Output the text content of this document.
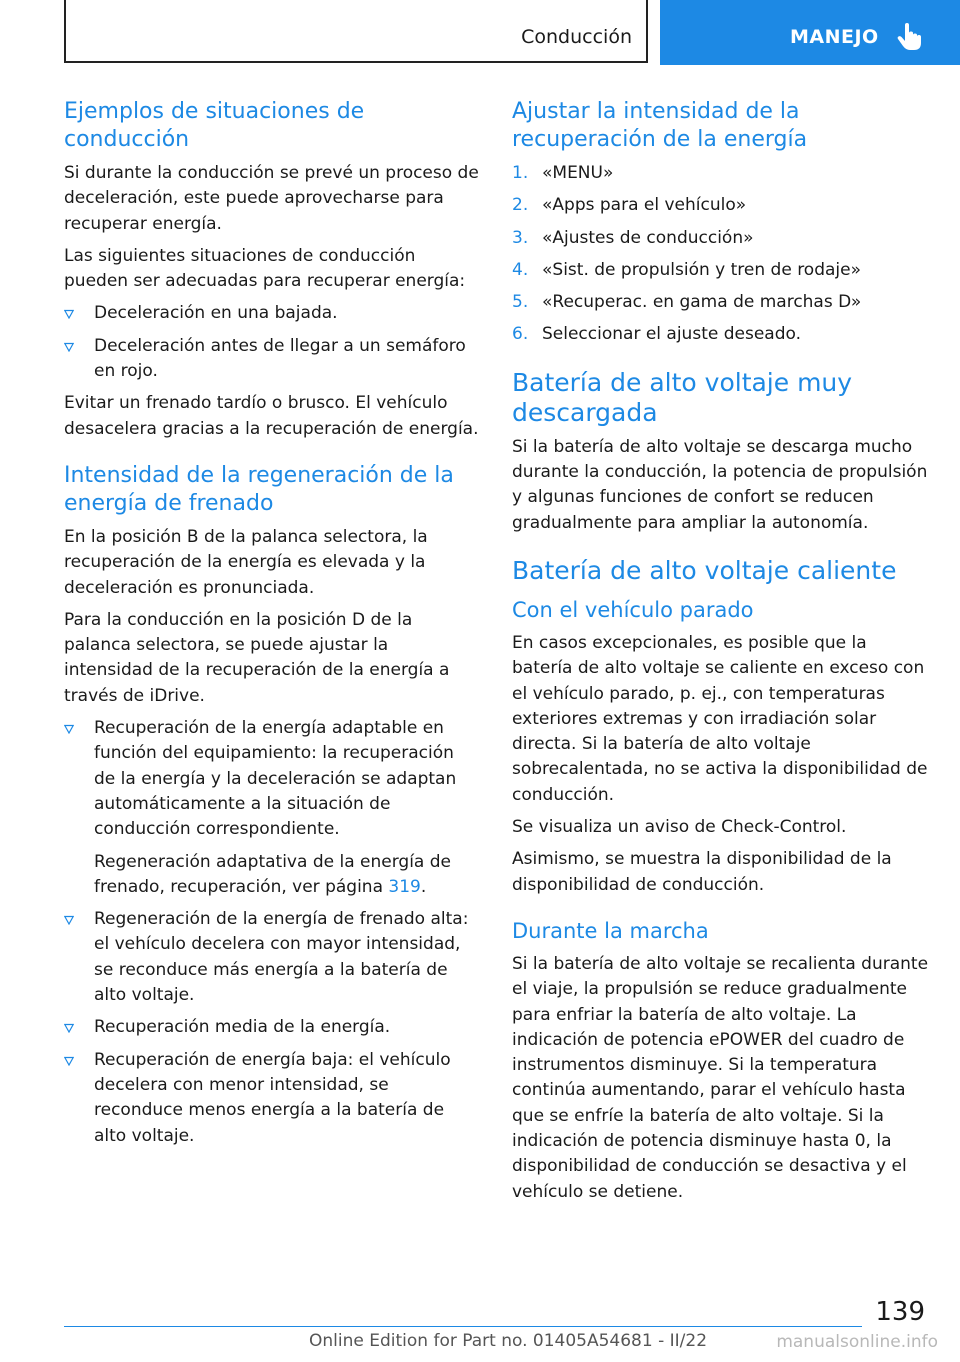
Conducción	MANEJO
Ejemplos de situaciones de conducción

Si durante la conducción se prevé un proceso de deceleración, este puede aprovecharse para recuperar energía.

Las siguientes situaciones de conducción pueden ser adecuadas para recuperar energía:

Deceleración en una bajada.
Deceleración antes de llegar a un semáforo en rojo.

Evitar un frenado tardío o brusco. El vehículo desacelera gracias a la recuperación de energía.

Intensidad de la regeneración de la energía de frenado

En la posición B de la palanca selectora, la recuperación de la energía es elevada y la deceleración es pronunciada.

Para la conducción en la posición D de la palanca selectora, se puede ajustar la intensidad de la recuperación de la energía a través de iDrive.

Recuperación de la energía adaptable en función del equipamiento: la recuperación de la energía y la deceleración se adaptan automáticamente a la situación de conducción correspondiente.
Regeneración adaptativa de la energía de frenado, recuperación, ver página 319.
Regeneración de la energía de frenado alta: el vehículo decelera con mayor intensidad, se reconduce más energía a la batería de alto voltaje.
Recuperación media de la energía.
Recuperación de energía baja: el vehículo decelera con menor intensidad, se reconduce menos energía a la batería de alto voltaje.
Ajustar la intensidad de la recuperación de la energía
1. «MENU»
2. «Apps para el vehículo»
3. «Ajustes de conducción»
4. «Sist. de propulsión y tren de rodaje»
5. «Recuperac. en gama de marchas D»
6. Seleccionar el ajuste deseado.
Batería de alto voltaje muy descargada

Si la batería de alto voltaje se descarga mucho durante la conducción, la potencia de propulsión y algunas funciones de confort se reducen gradualmente para ampliar la autonomía.

Batería de alto voltaje caliente
Con el vehículo parado

En casos excepcionales, es posible que la batería de alto voltaje se caliente en exceso con el vehículo parado, p. ej., con temperaturas exteriores extremas y con irradiación solar directa. Si la batería de alto voltaje sobrecalentada, no se activa la disponibilidad de conducción.

Se visualiza un aviso de Check-Control.

Asimismo, se muestra la disponibilidad de la disponibilidad de conducción.

Durante la marcha

Si la batería de alto voltaje se recalienta durante el viaje, la propulsión se reduce gradualmente para enfriar la batería de alto voltaje. La indicación de potencia ePOWER del cuadro de instrumentos disminuye. Si la temperatura continúa aumentando, parar el vehículo hasta que se enfríe la batería de alto voltaje. Si la indicación de potencia disminuye hasta 0, la disponibilidad de conducción se desactiva y el vehículo se detiene.

139
Online Edition for Part no. 01405A54681 - II/22	manualsonline.info
